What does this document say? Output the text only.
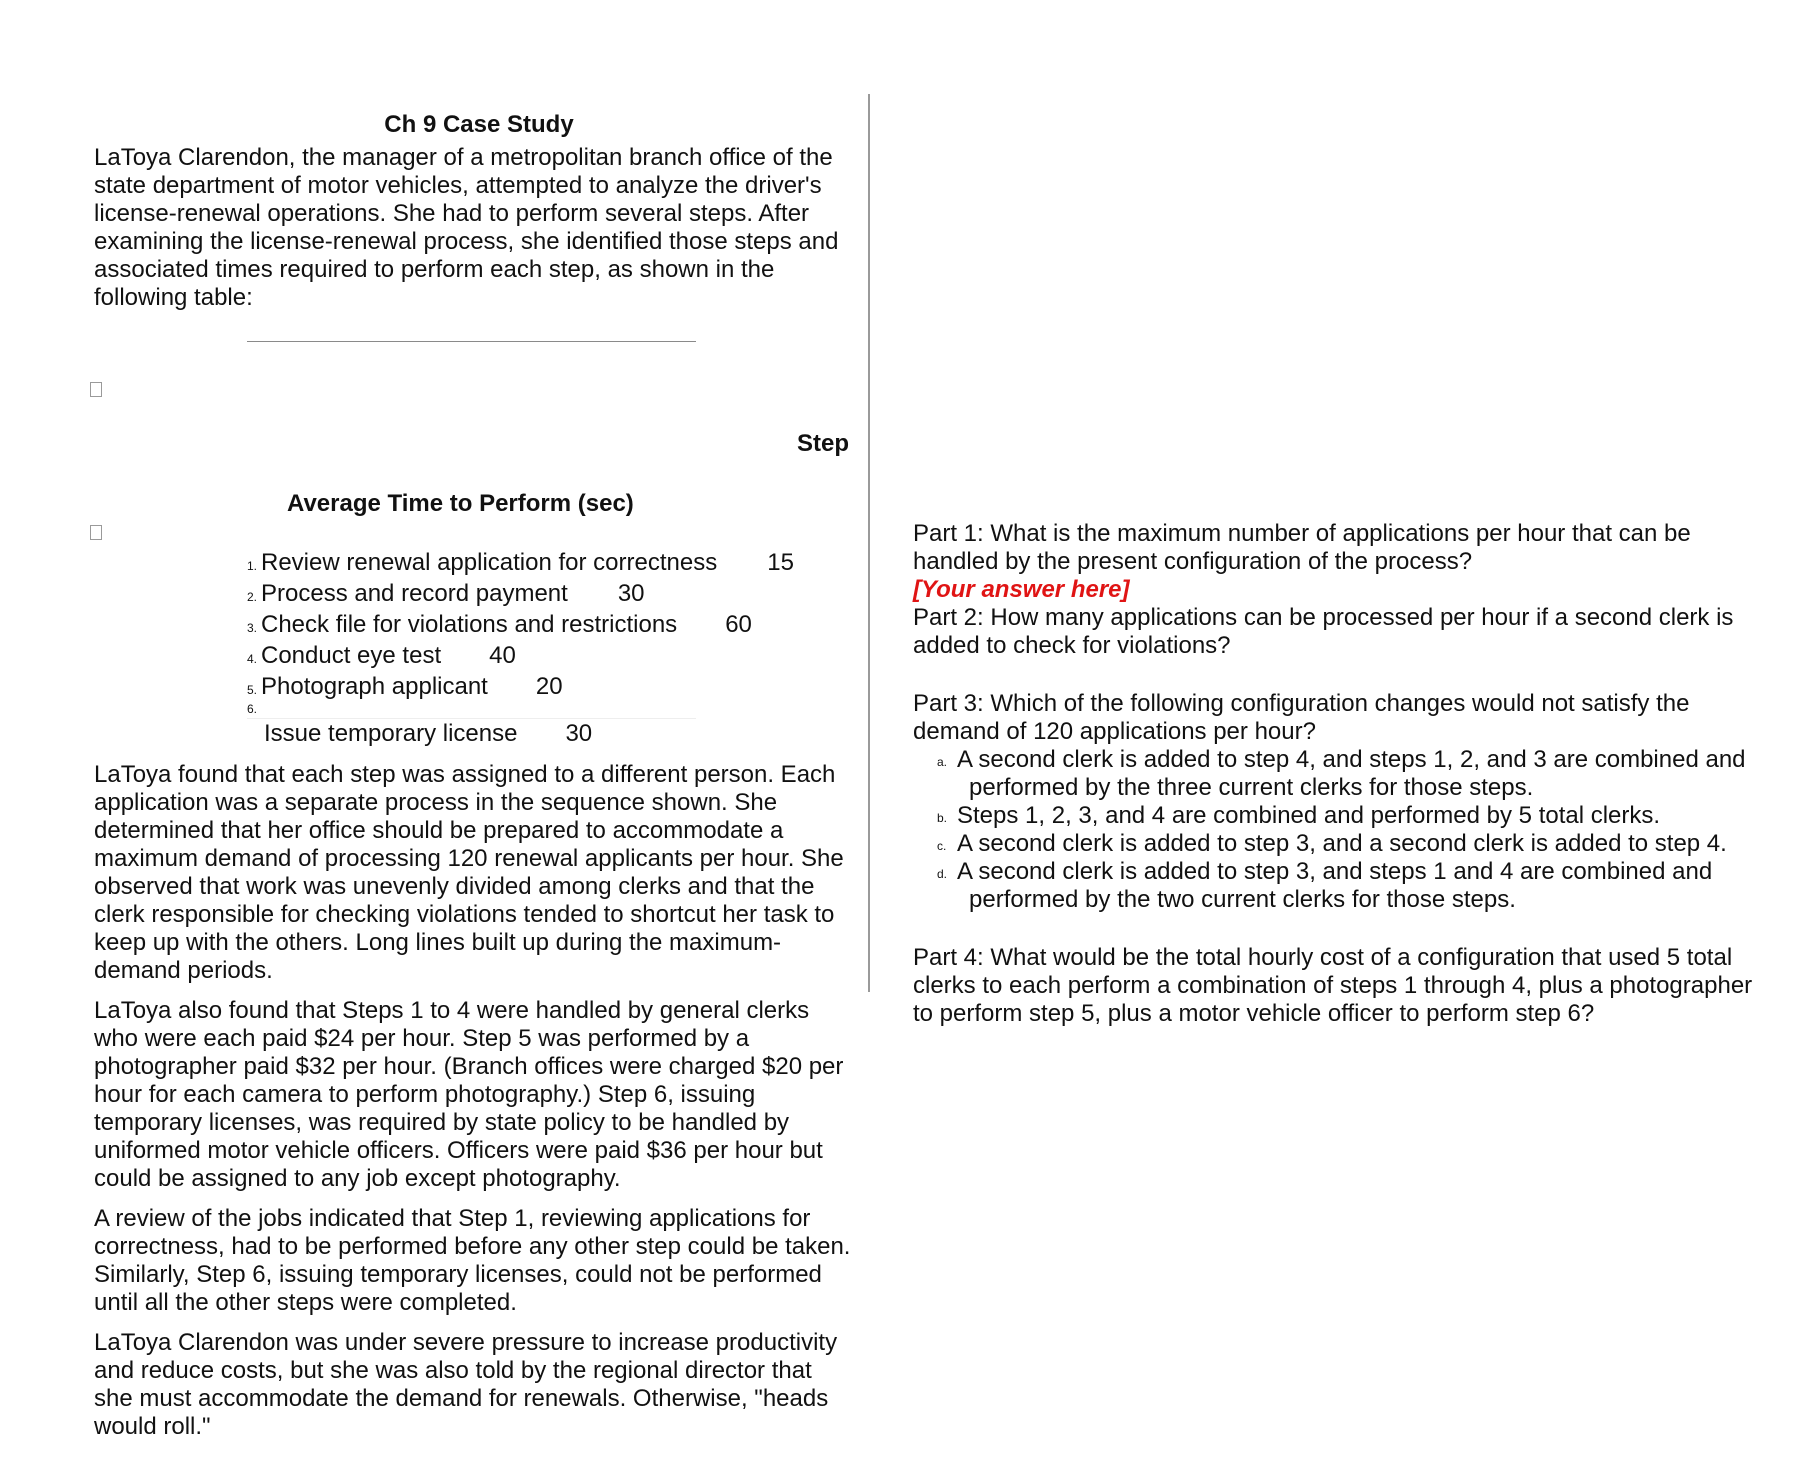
Ch 9 Case Study

LaToya Clarendon, the manager of a metropolitan branch office of the state department of motor vehicles, attempted to analyze the driver's license-renewal operations. She had to perform several steps. After examining the license-renewal process, she identified those steps and associated times required to perform each step, as shown in the following table:

Step
Average Time to Perform (sec)
1. Review renewal application for correctness 15
2. Process and record payment 30
3. Check file for violations and restrictions 60
4. Conduct eye test 40
5. Photograph applicant 20
6.
Issue temporary license 30

LaToya found that each step was assigned to a different person. Each application was a separate process in the sequence shown. She determined that her office should be prepared to accommodate a maximum demand of processing 120 renewal applicants per hour. She observed that work was unevenly divided among clerks and that the clerk responsible for checking violations tended to shortcut her task to keep up with the others. Long lines built up during the maximum-demand periods.

LaToya also found that Steps 1 to 4 were handled by general clerks who were each paid $24 per hour. Step 5 was performed by a photographer paid $32 per hour. (Branch offices were charged $20 per hour for each camera to perform photography.) Step 6, issuing temporary licenses, was required by state policy to be handled by uniformed motor vehicle officers. Officers were paid $36 per hour but could be assigned to any job except photography.

A review of the jobs indicated that Step 1, reviewing applications for correctness, had to be performed before any other step could be taken. Similarly, Step 6, issuing temporary licenses, could not be performed until all the other steps were completed.

LaToya Clarendon was under severe pressure to increase productivity and reduce costs, but she was also told by the regional director that she must accommodate the demand for renewals. Otherwise, "heads would roll."

Part 1: What is the maximum number of applications per hour that can be handled by the present configuration of the process?

[Your answer here]

Part 2: How many applications can be processed per hour if a second clerk is added to check for violations?

Part 3: Which of the following configuration changes would not satisfy the demand of 120 applications per hour?

a. A second clerk is added to step 4, and steps 1, 2, and 3 are combined and performed by the three current clerks for those steps.
b. Steps 1, 2, 3, and 4 are combined and performed by 5 total clerks.
c. A second clerk is added to step 3, and a second clerk is added to step 4.
d. A second clerk is added to step 3, and steps 1 and 4 are combined and performed by the two current clerks for those steps.

Part 4: What would be the total hourly cost of a configuration that used 5 total clerks to each perform a combination of steps 1 through 4, plus a photographer to perform step 5, plus a motor vehicle officer to perform step 6?
